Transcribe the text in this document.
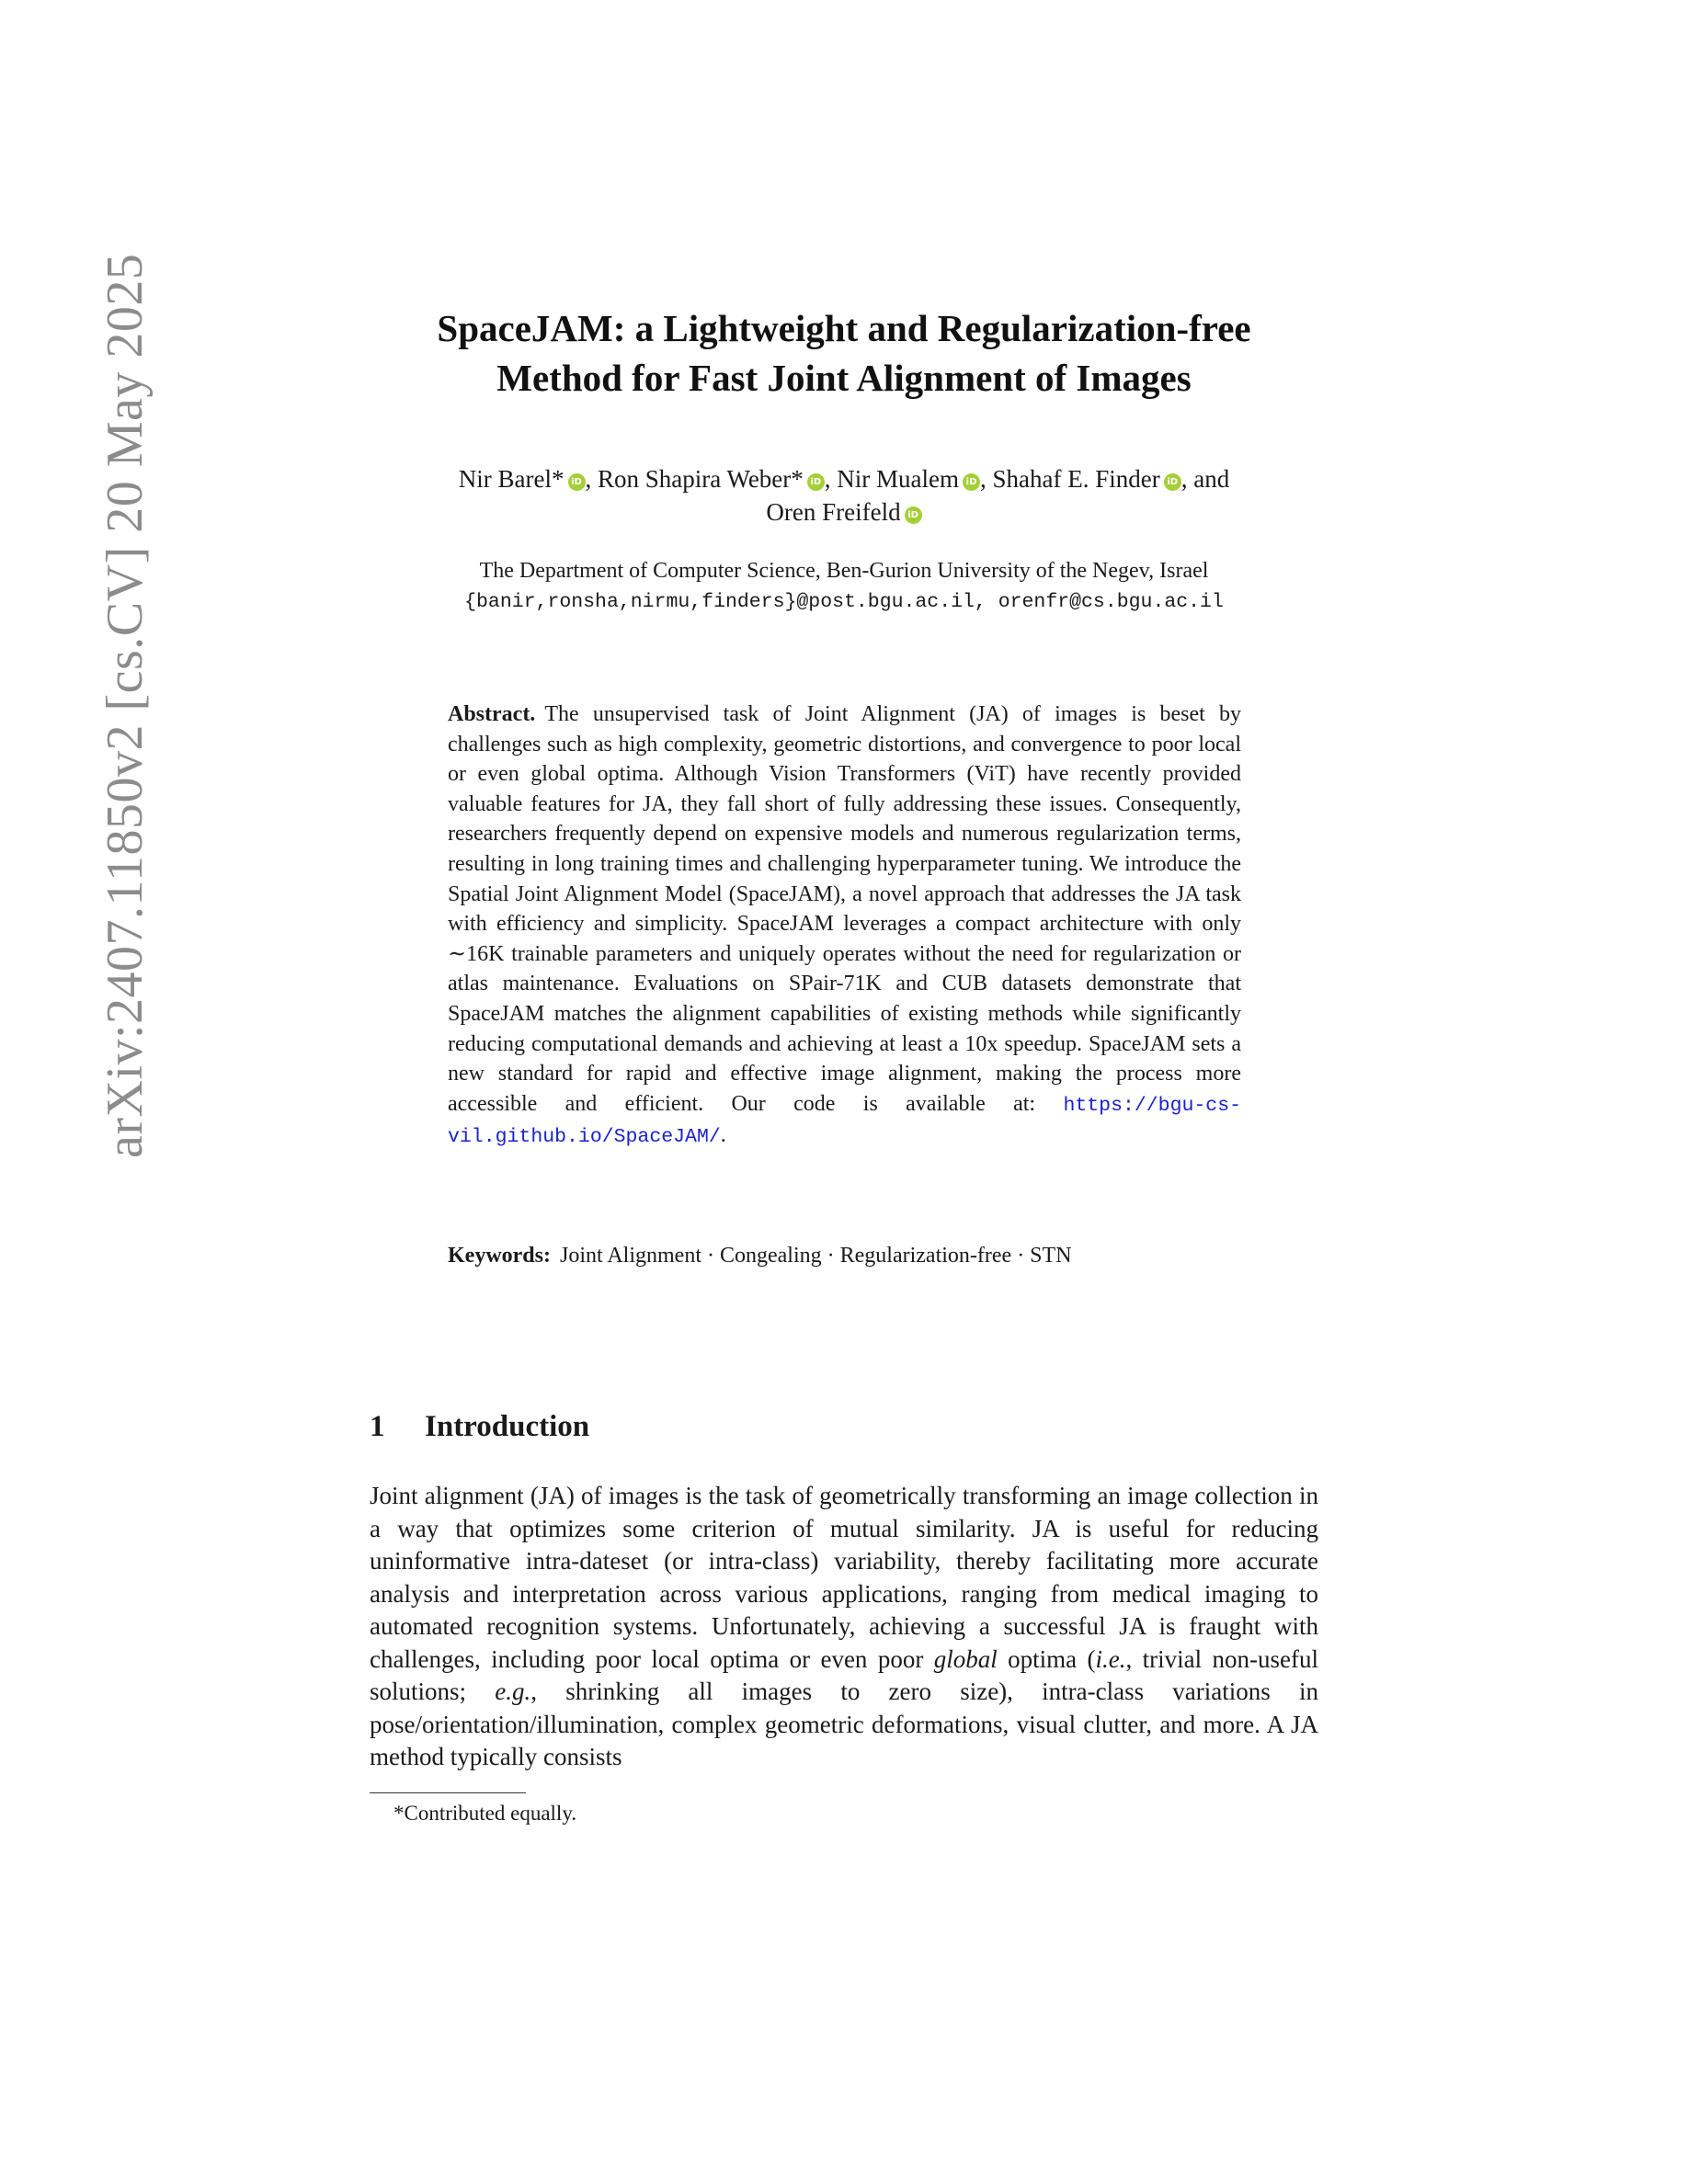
arXiv:2407.11850v2 [cs.CV] 20 May 2025	SpaceJAM: a Lightweight and Regularization-free
Method for Fast Joint Alignment of Images
Nir Barel* iD , Ron Shapira Weber* iD , Nir Mualem iD , Shahaf E. Finder iD , and
Oren Freifeld iD
The Department of Computer Science, Ben-Gurion University of the Negev, Israel
{banir,ronsha,nirmu,finders}@post.bgu.ac.il, orenfr@cs.bgu.ac.il
Abstract. The unsupervised task of Joint Alignment (JA) of images is beset by challenges such as high complexity, geometric distortions, and convergence to poor local or even global optima. Although Vision Transformers (ViT) have recently provided valuable features for JA, they fall short of fully addressing these issues. Consequently, researchers frequently depend on expensive models and numerous regularization terms, resulting in long training times and challenging hyperparameter tuning. We introduce the Spatial Joint Alignment Model (SpaceJAM), a novel approach that addresses the JA task with efficiency and simplicity. SpaceJAM leverages a compact architecture with only ∼16K trainable parameters and uniquely operates without the need for regularization or atlas maintenance. Evaluations on SPair-71K and CUB datasets demonstrate that SpaceJAM matches the alignment capabilities of existing methods while significantly reducing computational demands and achieving at least a 10x speedup. SpaceJAM sets a new standard for rapid and effective image alignment, making the process more accessible and efficient. Our code is available at: https://bgu-cs-vil.github.io/SpaceJAM/.
Keywords: Joint Alignment · Congealing · Regularization-free · STN
1 Introduction
Joint alignment (JA) of images is the task of geometrically transforming an image collection in a way that optimizes some criterion of mutual similarity. JA is useful for reducing uninformative intra-dateset (or intra-class) variability, thereby facilitating more accurate analysis and interpretation across various applications, ranging from medical imaging to automated recognition systems. Unfortunately, achieving a successful JA is fraught with challenges, including poor local optima or even poor global optima (i.e., trivial non-useful solutions; e.g., shrinking all images to zero size), intra-class variations in pose/orientation/illumination, complex geometric deformations, visual clutter, and more. A JA method typically consists
*Contributed equally.
